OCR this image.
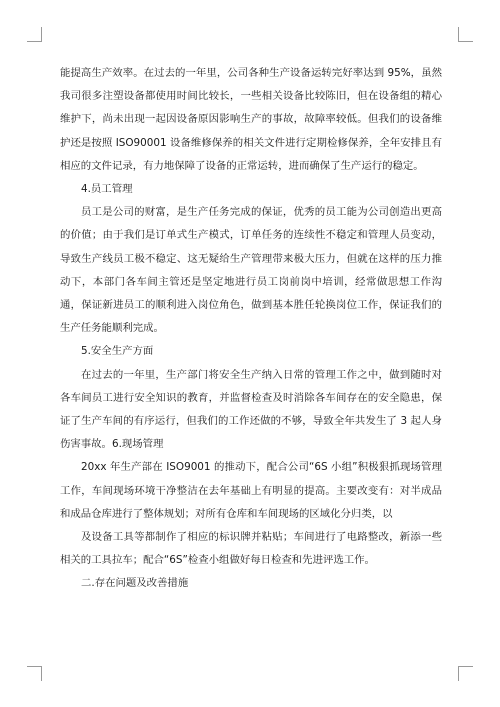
能提高生产效率。在过去的一年里，公司各种生产设备运转完好率达到 95%，虽然我司很多注塑设备都使用时间比较长，一些相关设备比较陈旧，但在设备组的精心维护下，尚未出现一起因设备原因影响生产的事故，故障率较低。但我们的设备维护还是按照 ISO90001 设备维修保养的相关文件进行定期检修保养，全年安排且有相应的文件记录，有力地保障了设备的正常运转，进而确保了生产运行的稳定。

4.员工管理

员工是公司的财富，是生产任务完成的保证，优秀的员工能为公司创造出更高的价值；由于我们是订单式生产模式，订单任务的连续性不稳定和管理人员变动，导致生产线员工极不稳定、这无疑给生产管理带来极大压力，但就在这样的压力推动下，本部门各车间主管还是坚定地进行员工岗前岗中培训，经常做思想工作沟通，保证新进员工的顺利进入岗位角色，做到基本胜任轮换岗位工作，保证我们的生产任务能顺利完成。

5.安全生产方面

在过去的一年里，生产部门将安全生产纳入日常的管理工作之中，做到随时对各车间员工进行安全知识的教育，并监督检查及时消除各车间存在的安全隐患，保证了生产车间的有序运行，但我们的工作还做的不够，导致全年共发生了 3 起人身伤害事故。6.现场管理

20xx 年生产部在 ISO9001 的推动下，配合公司“6S 小组”积极狠抓现场管理工作，车间现场环境干净整洁在去年基础上有明显的提高。主要改变有：对半成品和成品仓库进行了整体规划；对所有仓库和车间现场的区域化分归类，以

及设备工具等都制作了相应的标识牌并粘贴；车间进行了电路整改，新添一些相关的工具拉车；配合“6S”检查小组做好每日检查和先进评选工作。

二.存在问题及改善措施
